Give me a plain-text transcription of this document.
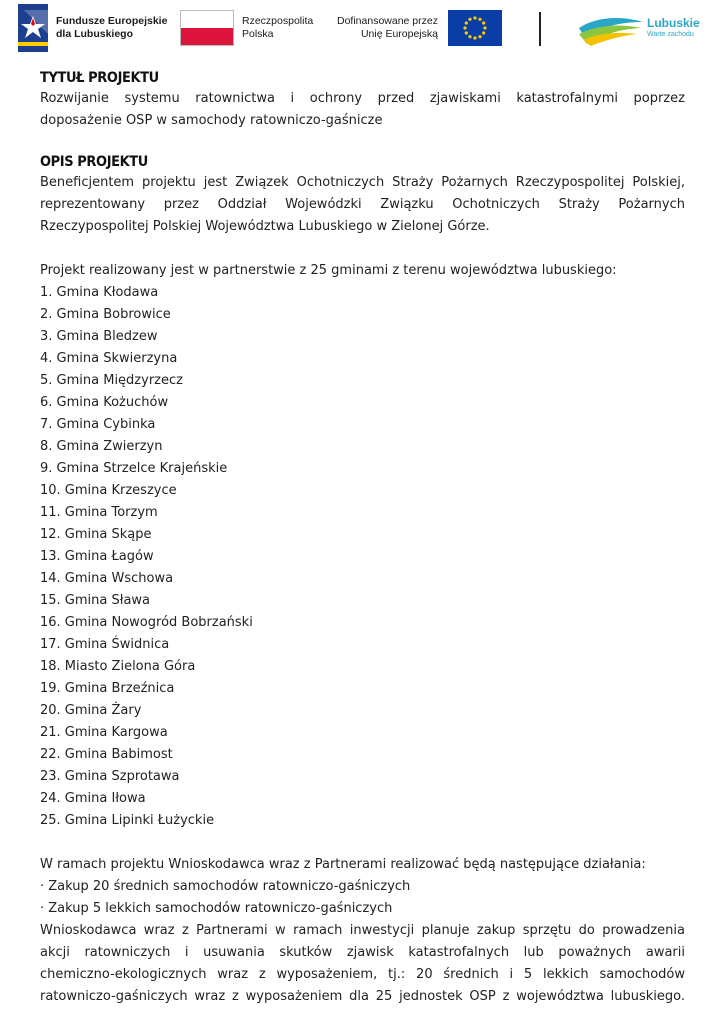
Fundusze Europejskie
dla Lubuskiego
Rzeczpospolita
Polska
Dofinansowane przez
Unię Europejską
Lubuskie
Warte zachodu
TYTUŁ PROJEKTU
Rozwijanie systemu ratownictwa i ochrony przed zjawiskami katastrofalnymi poprzez
doposażenie OSP w samochody ratowniczo-gaśnicze
OPIS PROJEKTU
Beneficjentem projektu jest Związek Ochotniczych Straży Pożarnych Rzeczypospolitej Polskiej,
reprezentowany przez Oddział Wojewódzki Związku Ochotniczych Straży Pożarnych
Rzeczypospolitej Polskiej Województwa Lubuskiego w Zielonej Górze.
Projekt realizowany jest w partnerstwie z 25 gminami z terenu województwa lubuskiego:
1. Gmina Kłodawa
2. Gmina Bobrowice
3. Gmina Bledzew
4. Gmina Skwierzyna
5. Gmina Międzyrzecz
6. Gmina Kożuchów
7. Gmina Cybinka
8. Gmina Zwierzyn
9. Gmina Strzelce Krajeńskie
10. Gmina Krzeszyce
11. Gmina Torzym
12. Gmina Skąpe
13. Gmina Łagów
14. Gmina Wschowa
15. Gmina Sława
16. Gmina Nowogród Bobrzański
17. Gmina Świdnica
18. Miasto Zielona Góra
19. Gmina Brzeźnica
20. Gmina Żary
21. Gmina Kargowa
22. Gmina Babimost
23. Gmina Szprotawa
24. Gmina Iłowa
25. Gmina Lipinki Łużyckie
W ramach projektu Wnioskodawca wraz z Partnerami realizować będą następujące działania:
· Zakup 20 średnich samochodów ratowniczo-gaśniczych
· Zakup 5 lekkich samochodów ratowniczo-gaśniczych
Wnioskodawca wraz z Partnerami w ramach inwestycji planuje zakup sprzętu do prowadzenia
akcji ratowniczych i usuwania skutków zjawisk katastrofalnych lub poważnych awarii
chemiczno-ekologicznych wraz z wyposażeniem, tj.: 20 średnich i 5 lekkich samochodów
ratowniczo-gaśniczych wraz z wyposażeniem dla 25 jednostek OSP z województwa lubuskiego.
